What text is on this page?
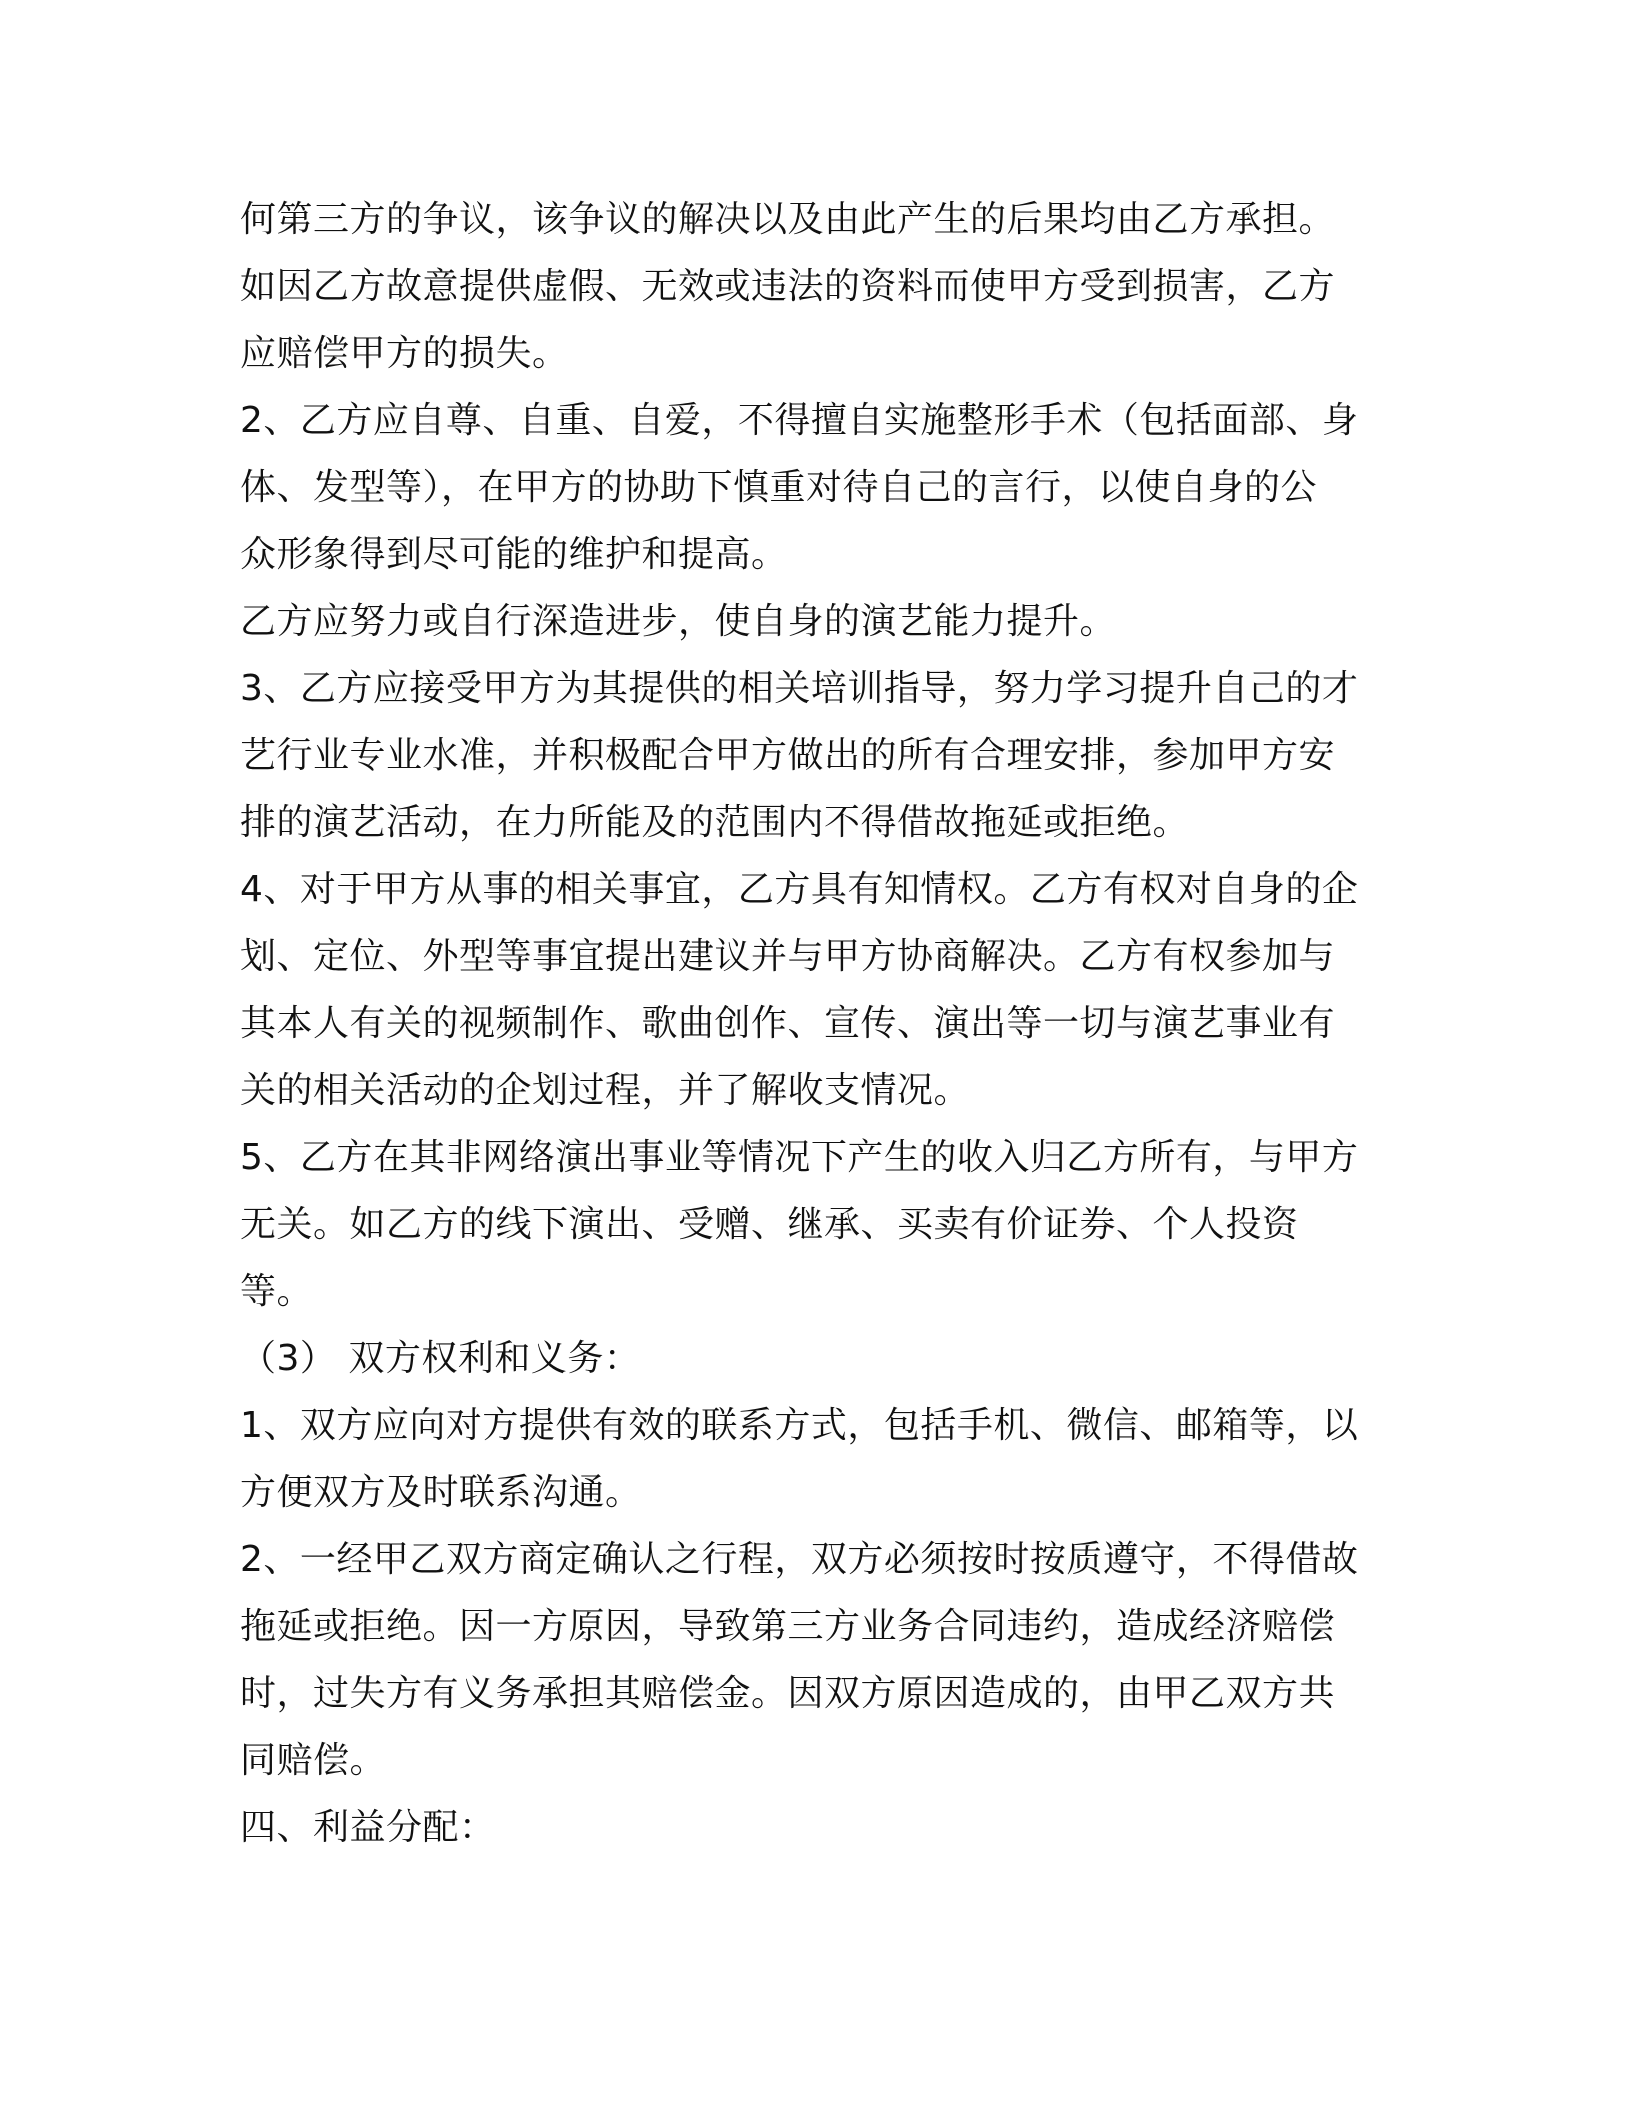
何第三方的争议，该争议的解决以及由此产生的后果均由乙方承担。
如因乙方故意提供虚假、无效或违法的资料而使甲方受到损害，乙方
应赔偿甲方的损失。
2、乙方应自尊、自重、自爱，不得擅自实施整形手术（包括面部、身
体、发型等），在甲方的协助下慎重对待自己的言行，以使自身的公
众形象得到尽可能的维护和提高。
乙方应努力或自行深造进步，使自身的演艺能力提升。
3、乙方应接受甲方为其提供的相关培训指导，努力学习提升自己的才
艺行业专业水准，并积极配合甲方做出的所有合理安排，参加甲方安
排的演艺活动，在力所能及的范围内不得借故拖延或拒绝。
4、对于甲方从事的相关事宜，乙方具有知情权。乙方有权对自身的企
划、定位、外型等事宜提出建议并与甲方协商解决。乙方有权参加与
其本人有关的视频制作、歌曲创作、宣传、演出等一切与演艺事业有
关的相关活动的企划过程，并了解收支情况。
5、乙方在其非网络演出事业等情况下产生的收入归乙方所有，与甲方
无关。如乙方的线下演出、受赠、继承、买卖有价证券、个人投资
等。
（3） 双方权利和义务：
1、双方应向对方提供有效的联系方式，包括手机、微信、邮箱等，以
方便双方及时联系沟通。
2、一经甲乙双方商定确认之行程，双方必须按时按质遵守，不得借故
拖延或拒绝。因一方原因，导致第三方业务合同违约，造成经济赔偿
时，过失方有义务承担其赔偿金。因双方原因造成的，由甲乙双方共
同赔偿。
四、利益分配：
